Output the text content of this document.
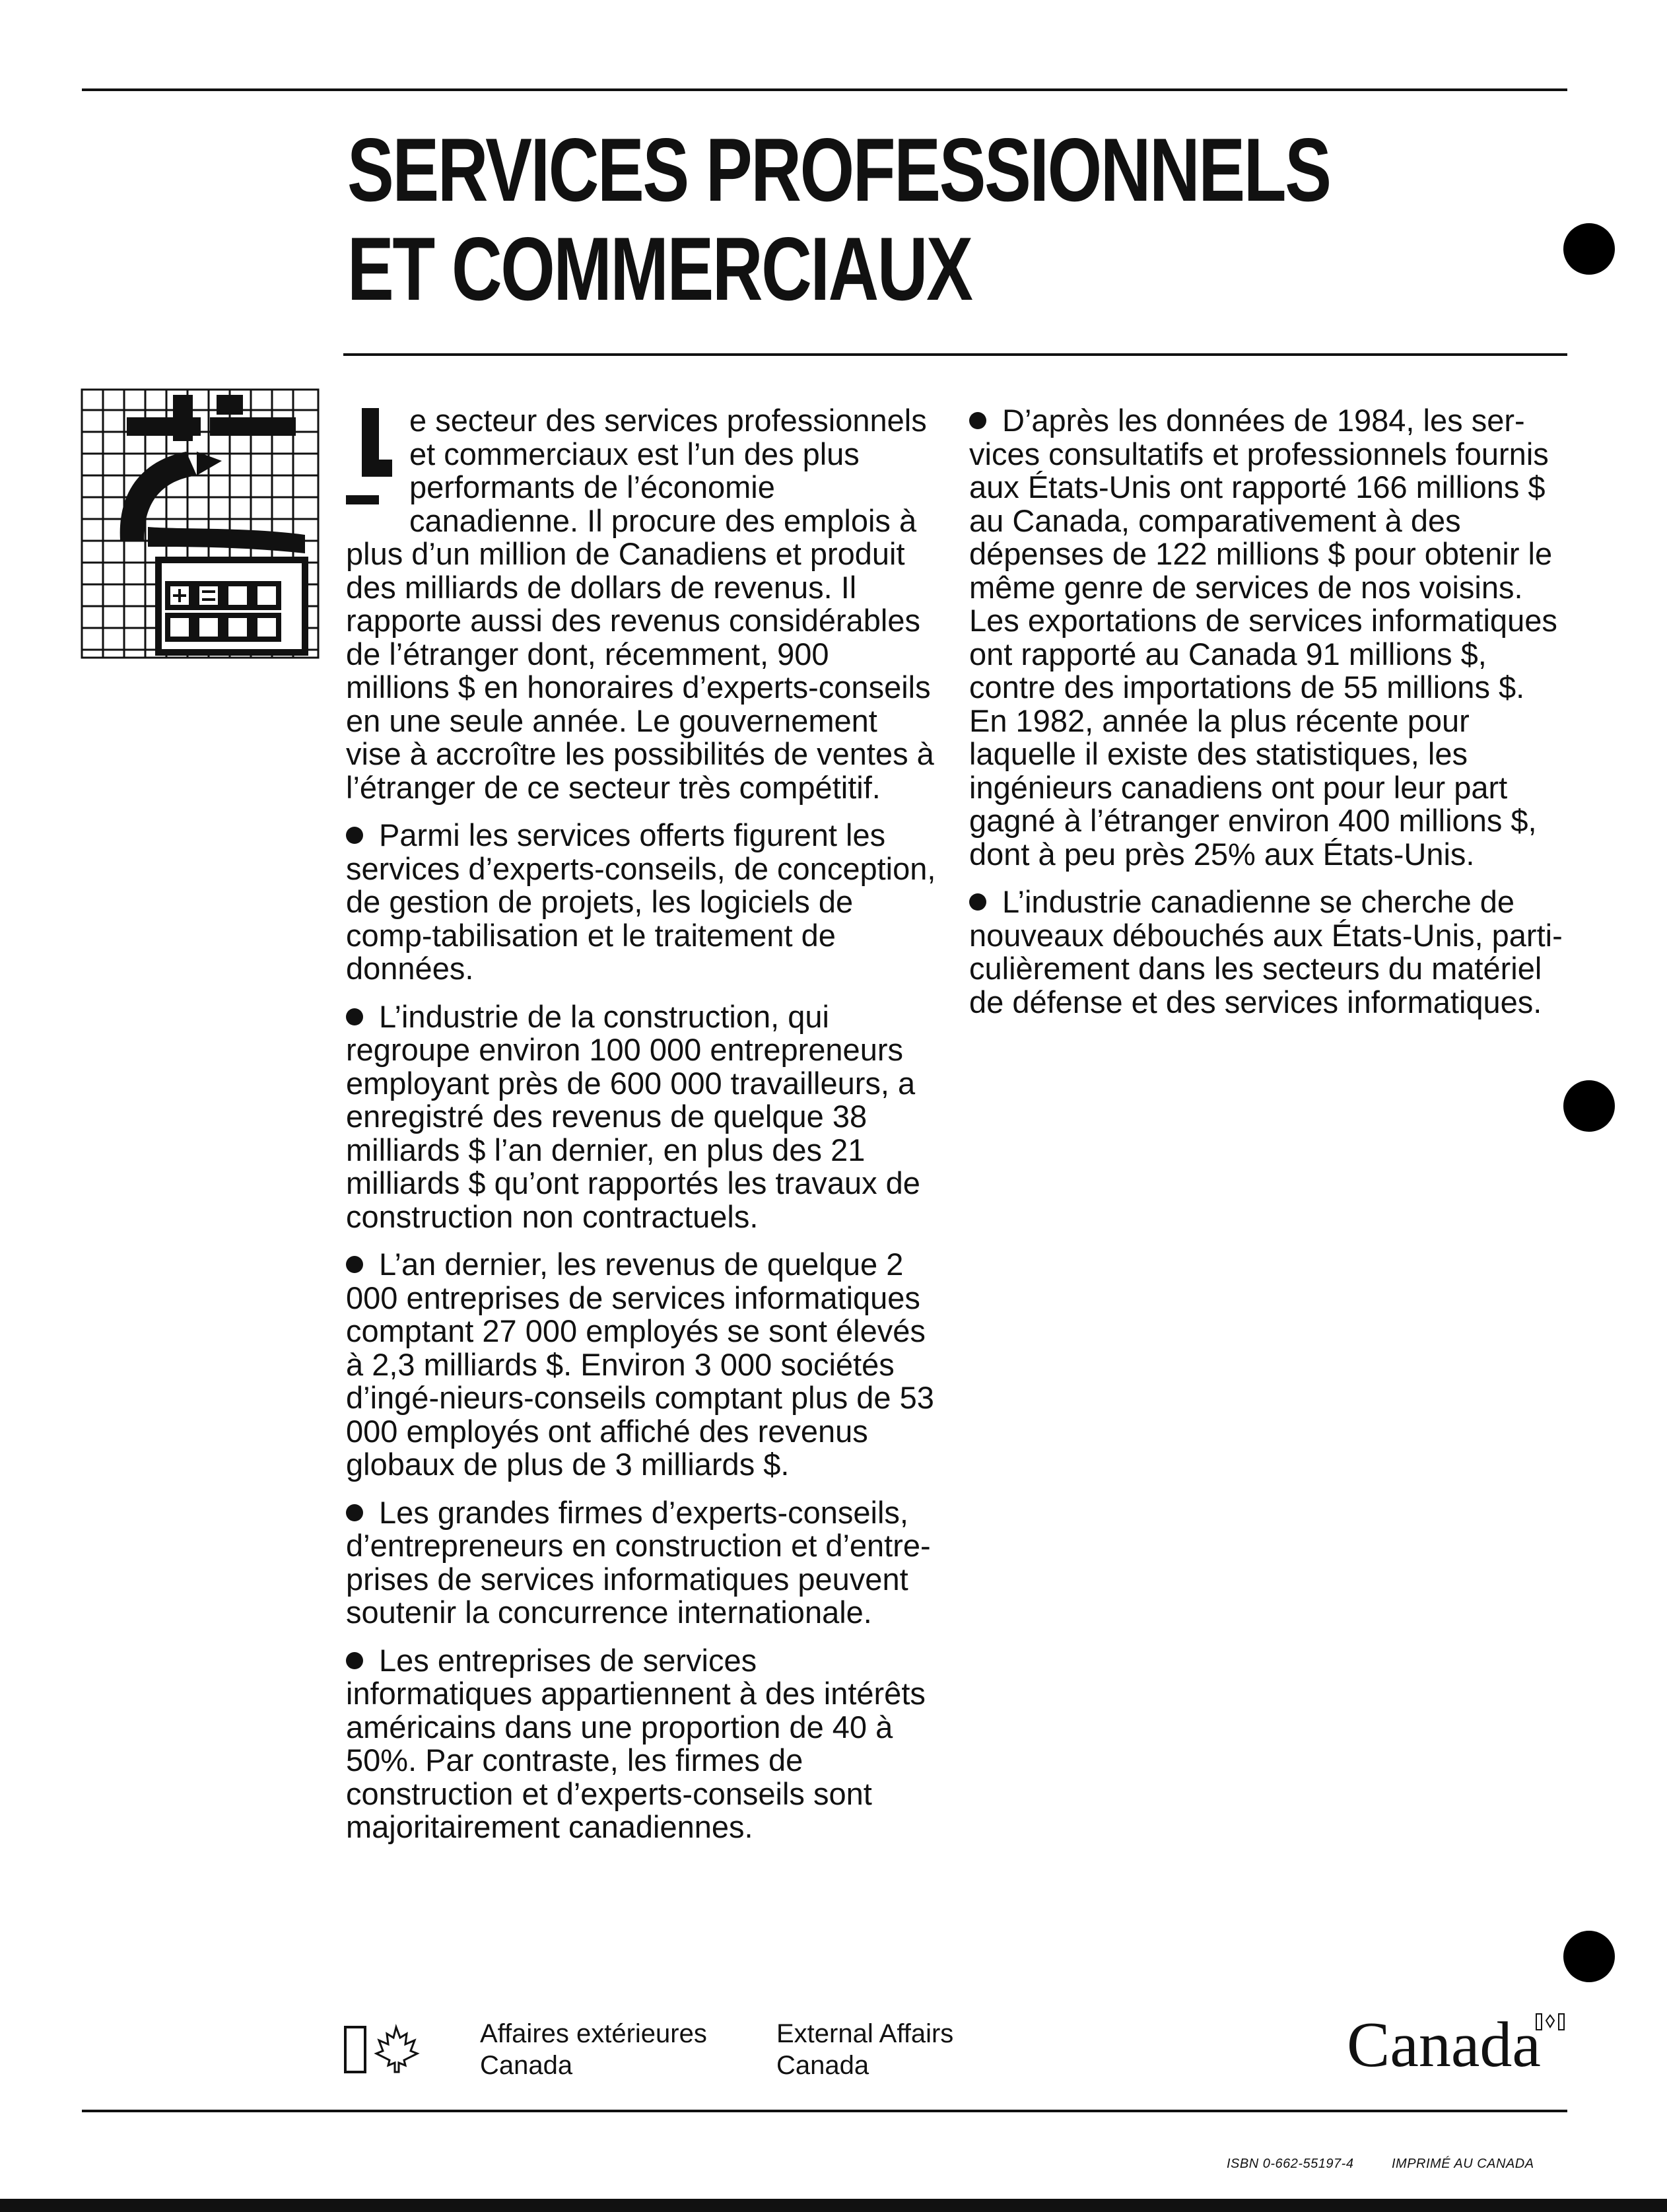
SERVICES PROFESSIONNELS
ET COMMERCIAUX

e secteur des services professionnels et commerciaux est l’un des plus performants de l’économie canadienne. Il procure des emplois à plus d’un million de Canadiens et produit des milliards de dollars de revenus. Il rapporte aussi des revenus considérables de l’étranger dont, récemment, 900 millions $ en honoraires d’experts-conseils en une seule année. Le gouvernement vise à accroître les possibilités de ventes à l’étranger de ce secteur très compétitif.

Parmi les services offerts figurent les services d’experts-conseils, de conception, de gestion de projets, les logiciels de comp-tabilisation et le traitement de données.

L’industrie de la construction, qui regroupe environ 100 000 entrepreneurs employant près de 600 000 travailleurs, a enregistré des revenus de quelque 38 milliards $ l’an dernier, en plus des 21 milliards $ qu’ont rapportés les travaux de construction non contractuels.

L’an dernier, les revenus de quelque 2 000 entreprises de services informatiques comptant 27 000 employés se sont élevés à 2,3 milliards $. Environ 3 000 sociétés d’ingé-nieurs-conseils comptant plus de 53 000 employés ont affiché des revenus globaux de plus de 3 milliards $.

Les grandes firmes d’experts-conseils, d’entrepreneurs en construction et d’entre-prises de services informatiques peuvent soutenir la concurrence internationale.

Les entreprises de services informatiques appartiennent à des intérêts américains dans une proportion de 40 à 50%. Par contraste, les firmes de construction et d’experts-conseils sont majoritairement canadiennes.

D’après les données de 1984, les ser-vices consultatifs et professionnels fournis aux États-Unis ont rapporté 166 millions $ au Canada, comparativement à des dépenses de 122 millions $ pour obtenir le même genre de services de nos voisins. Les exportations de services informatiques ont rapporté au Canada 91 millions $, contre des importations de 55 millions $. En 1982, année la plus récente pour laquelle il existe des statistiques, les ingénieurs canadiens ont pour leur part gagné à l’étranger environ 400 millions $, dont à peu près 25% aux États-Unis.

L’industrie canadienne se cherche de nouveaux débouchés aux États-Unis, parti-culièrement dans les secteurs du matériel de défense et des services informatiques.

Affaires extérieures
Canada
External Affairs
Canada	Canada
ISBN 0-662-55197-4	IMPRIMÉ AU CANADA
